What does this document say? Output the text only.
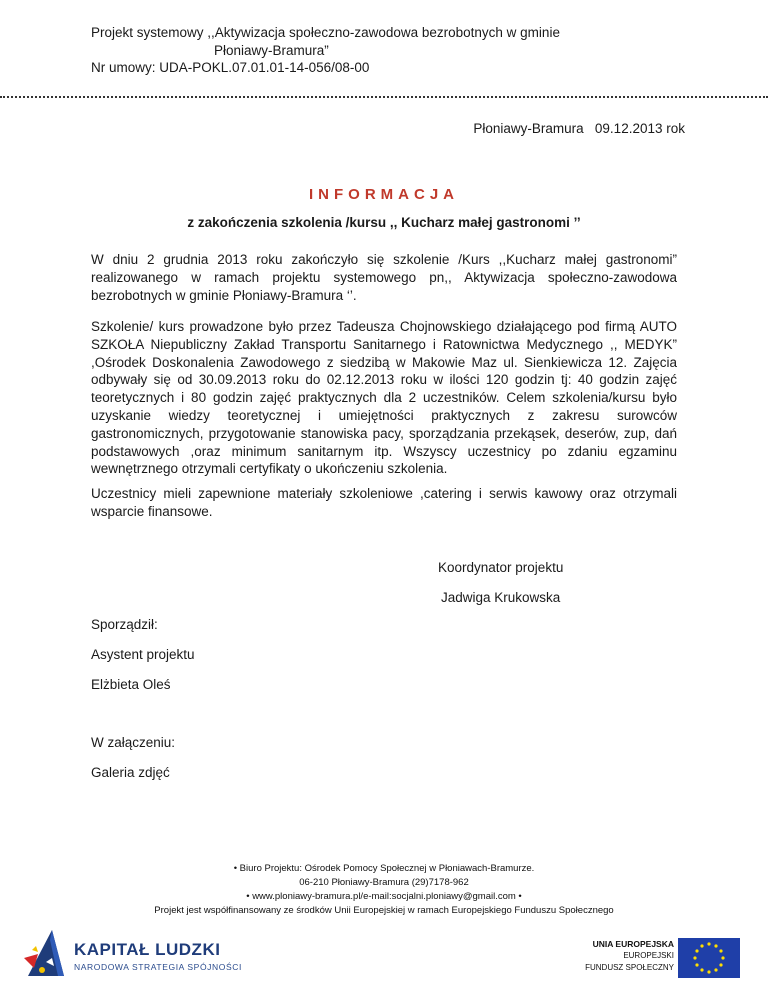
Projekt systemowy ,,Aktywizacja społeczno-zawodowa bezrobotnych w gminie
Płoniawy-Bramura”
Nr umowy: UDA-POKL.07.01.01-14-056/08-00
Płoniawy-Bramura   09.12.2013 rok
INFORMACJA
z zakończenia szkolenia /kursu ,, Kucharz małej gastronomi ’’
W dniu 2 grudnia 2013 roku zakończyło się szkolenie /Kurs ,,Kucharz małej gastronomi” realizowanego w ramach projektu systemowego pn,, Aktywizacja społeczno-zawodowa bezrobotnych w gminie Płoniawy-Bramura ‘’.
Szkolenie/ kurs prowadzone było przez Tadeusza Chojnowskiego działającego pod firmą AUTO SZKOŁA Niepubliczny Zakład Transportu Sanitarnego i Ratownictwa Medycznego ,, MEDYK” ,Ośrodek Doskonalenia Zawodowego z siedzibą w Makowie Maz ul. Sienkiewicza 12. Zajęcia odbywały się od 30.09.2013 roku do 02.12.2013 roku w ilości 120 godzin tj: 40 godzin zajęć teoretycznych i 80 godzin zajęć praktycznych dla 2 uczestników. Celem szkolenia/kursu było uzyskanie wiedzy teoretycznej i umiejętności praktycznych z zakresu surowców gastronomicznych, przygotowanie stanowiska pacy, sporządzania przekąsek, deserów, zup, dań podstawowych ,oraz minimum sanitarnym itp. Wszyscy uczestnicy po zdaniu egzaminu wewnętrznego otrzymali certyfikaty o ukończeniu szkolenia.
Uczestnicy mieli zapewnione materiały szkoleniowe ,catering i serwis kawowy oraz otrzymali wsparcie finansowe.
Koordynator projektu
Jadwiga Krukowska
Sporządził:
Asystent projektu
Elżbieta Oleś
W załączeniu:
Galeria zdjęć
• Biuro Projektu: Ośrodek Pomocy Społecznej w Płoniawach-Bramurze.
06-210 Płoniawy-Bramura (29)7178-962
• www.ploniawy-bramura.pl/e-mail:socjalni.ploniawy@gmail.com •
Projekt jest współfinansowany ze środków Unii Europejskiej w ramach Europejskiego Funduszu Społecznego
KAPITAŁ LUDZKI
NARODOWA STRATEGIA SPÓJNOŚCI
UNIA EUROPEJSKA
EUROPEJSKI
FUNDUSZ SPOŁECZNY
